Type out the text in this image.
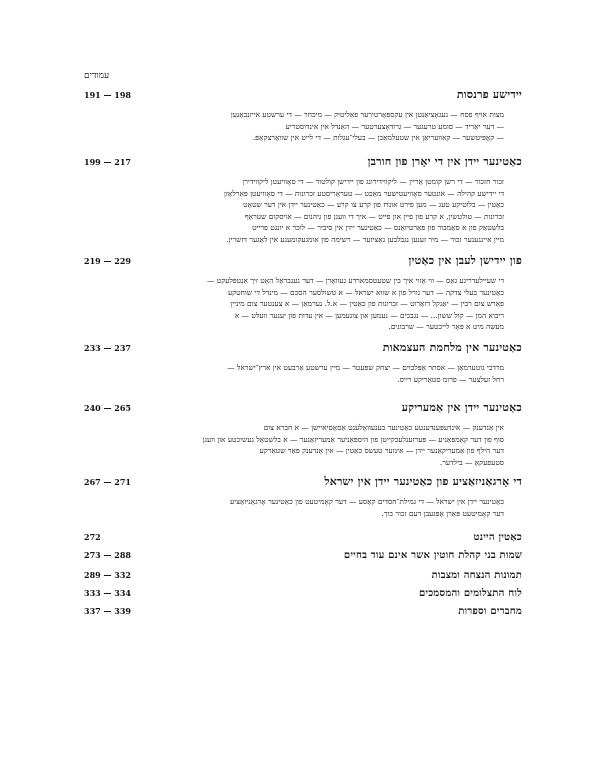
עמודים
יידישע פרנסות
191 — 198
מצות אויף פסח — נעגאָציאַנטן אין עקספּאָרטירער פאַליטיק — מיכחר — די ערשטע אייזנבאַנען
— דער יאַריד — סומע טרעגער — גרודאָצערטער — האַנדל אין אינדוסטריע
— קאָפּיטשער — קאוועריאַן אין שטעלמאַכן — בעלי־עגלות — די לייט אין שוואַרצקאַפּ.
כאַטינער יידן אין די יאָרן פון חורבן
199 — 217
זכור חזכור — די רשן קומטן אַריין — ליקווידירונג פון יידישן קולטור — די סאָוויעטן ליקווידירן
די יידישע קהילה — אונטער סאָוויעטישער מאַכט — טעראָריסטע זכרונות — די סאָוויעטן פּאַרלאָזן
כאַטין — בלוטיקע טעג — מען פירט אונדז פון קרע צו קרע — כאַטינער יידן אין דער שטאָט
זכרונות — טולטשין, א קרע פון פיין און פייט — איך די וועגן פון גיהנום — אויסקום שטראַף
בלשטאַק פון א סאַמבור פון פּאַרטיזאַנס — כאַטינער יידן אין סיביר — לוכר א יונגט פרייט
מיין איינגענער זכור — מיר זענען נגבלבען נאַציזער — רשימה פון אומגעקומענע אין לאַגער דזשרין.
פון יידישן לעבן אין כאַטין
219 — 229
די שעיילעדריגע גאַס — ווי אַזוי איך בין שטעטסמארדע געוואָרן — דער נעגבראַל האָט זיך אַנטפּלעקט —
כאַטינער בעלי צדקה — דער גורל פון א שווא ישראל — א טשולסער הסכם — מינדל די שוחטקע
פאַרש צום רבין — יאַנקל דזאַרוט — זכרונות פון כאַטין — א.ל. נערמאַן — א צענטער צום מיניין
ריבוא המן — קול ששון... — נגבכים — נעמען און צונעמען — אין עדות פון יענער וועלט — א
מעשה מיט א פּאָר לייכטער — שרבונים.
כאַטינער אין מלחמת העצמאות
233 — 237
מרדכי גוטערמאַן — אסתר אַפּלבוים — יצחק שפּעטר — מיין ערשטע אַרבעט אין ארץ־ישראל —
רחל זעלצער — פרומ סטאַריקע רייס.
כאַטינער יידן אין אַמעריקע
240 — 265
אין אַנדענק — אינדעפּענדענטע כאַטינער בענעוואָלענט אַסאָסיאיישן — א חברא צום
סוף פון דער קאַמפּאַניע — פּערזענלעכקייטן פון היספּאַניער אַמעריזאַנער — א בלשטאַל געשיכטע און וועגן
דער הילף פון אַמעריקאַנער יידן — אינזער טעשס כאַטין — אין אָנדענק פּאַר שטאַרקע
סטעפעקאַ — בילדער.
די אָרגאַניזאַציע פון כאַטינער יידן אין ישראל
267 — 271
כאַטינער יידן אין ישראל — די גמילת־חסדים קאַסע — דער קאָמיטעט פון כאַטינער אָרגאַניזאַציע
דער קאָמיטעט פּאַרן אָפּגעבן דעם זכור בוך.
כאַטין היינט
272
שמות בני קהלת חוטין אשר אינם עוד בחיים
273 — 288
תמונות הנצחה ומצבות
289 — 332
לוח התצלומים והמסמכים
333 — 334
מחברים וספרות
337 — 339
